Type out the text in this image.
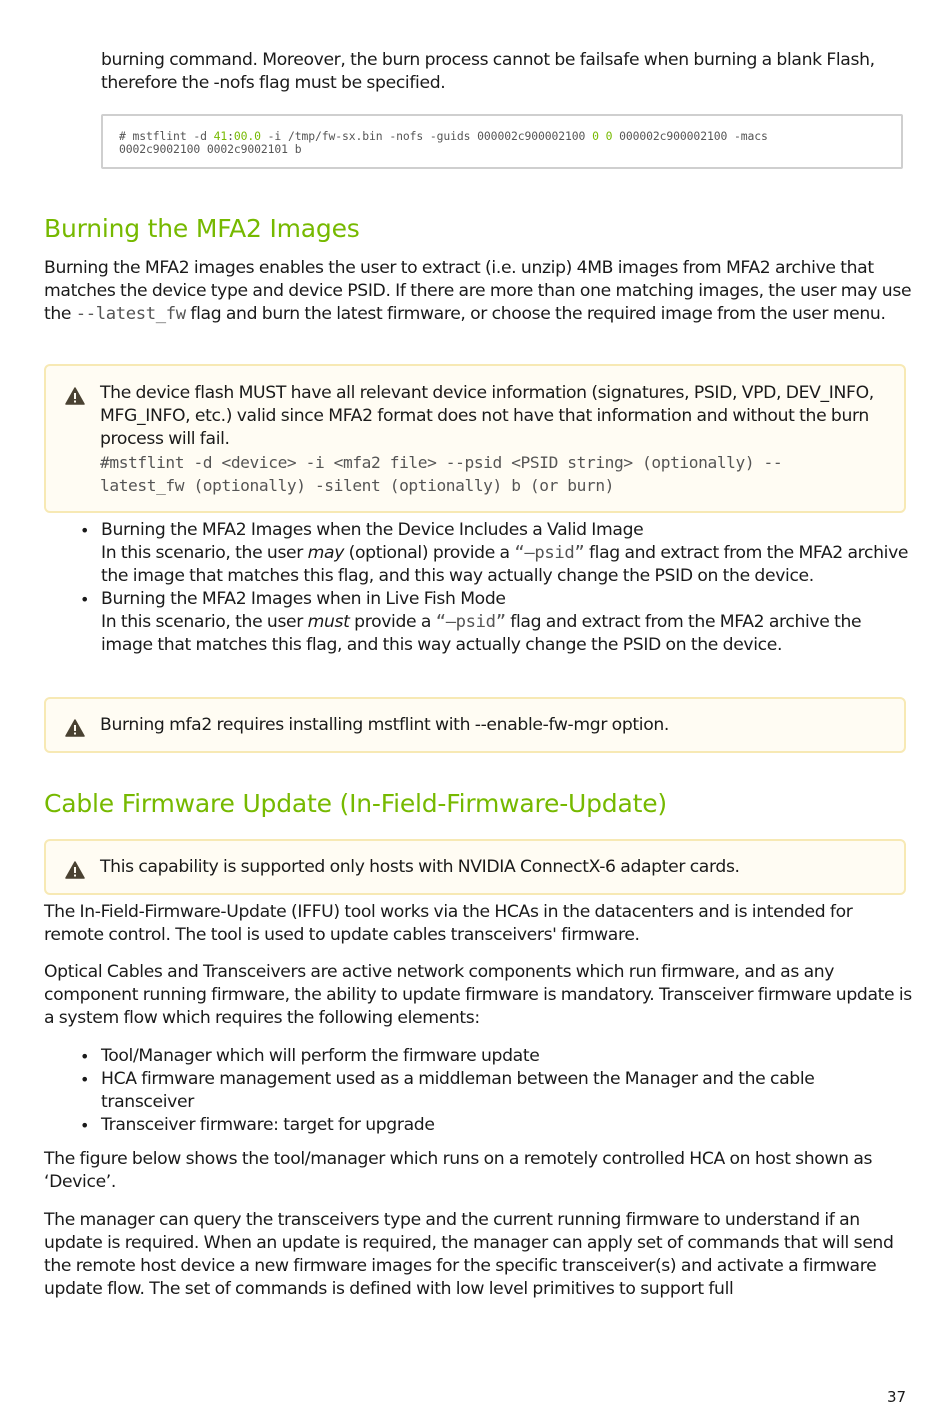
burning command. Moreover, the burn process cannot be failsafe when burning a blank Flash, therefore the -nofs flag must be specified.

# mstflint -d 41:00.0 -i /tmp/fw-sx.bin -nofs -guids 000002c900002100 0 0 000002c900002100 -macs
0002c9002100 0002c9002101 b
Burning the MFA2 Images

Burning the MFA2 images enables the user to extract (i.e. unzip) 4MB images from MFA2 archive that matches the device type and device PSID. If there are more than one matching images, the user may use the --latest_fw flag and burn the latest firmware, or choose the required image from the user menu.

The device flash MUST have all relevant device information (signatures, PSID, VPD, DEV_INFO, MFG_INFO, etc.) valid since MFA2 format does not have that information and without the burn process will fail.

#mstflint -d <device> -i <mfa2 file> --psid <PSID string> (optionally) --

latest_fw (optionally) -silent (optionally) b (or burn)

• Burning the MFA2 Images when the Device Includes a Valid Image
In this scenario, the user may (optional) provide a “–psid” flag and extract from the MFA2 archive the image that matches this flag, and this way actually change the PSID on the device.
• Burning the MFA2 Images when in Live Fish Mode
In this scenario, the user must provide a “–psid” flag and extract from the MFA2 archive the image that matches this flag, and this way actually change the PSID on the device.

Burning mfa2 requires installing mstflint with --enable-fw-mgr option.

Cable Firmware Update (In-Field-Firmware-Update)

This capability is supported only hosts with NVIDIA ConnectX-6 adapter cards.

The In-Field-Firmware-Update (IFFU) tool works via the HCAs in the datacenters and is intended for remote control. The tool is used to update cables transceivers' firmware.

Optical Cables and Transceivers are active network components which run firmware, and as any component running firmware, the ability to update firmware is mandatory. Transceiver firmware update is a system flow which requires the following elements:

• Tool/Manager which will perform the firmware update
• HCA firmware management used as a middleman between the Manager and the cable transceiver
• Transceiver firmware: target for upgrade

The figure below shows the tool/manager which runs on a remotely controlled HCA on host shown as ‘Device’.

The manager can query the transceivers type and the current running firmware to understand if an update is required. When an update is required, the manager can apply set of commands that will send the remote host device a new firmware images for the specific transceiver(s) and activate a firmware update flow. The set of commands is defined with low level primitives to support full

37
